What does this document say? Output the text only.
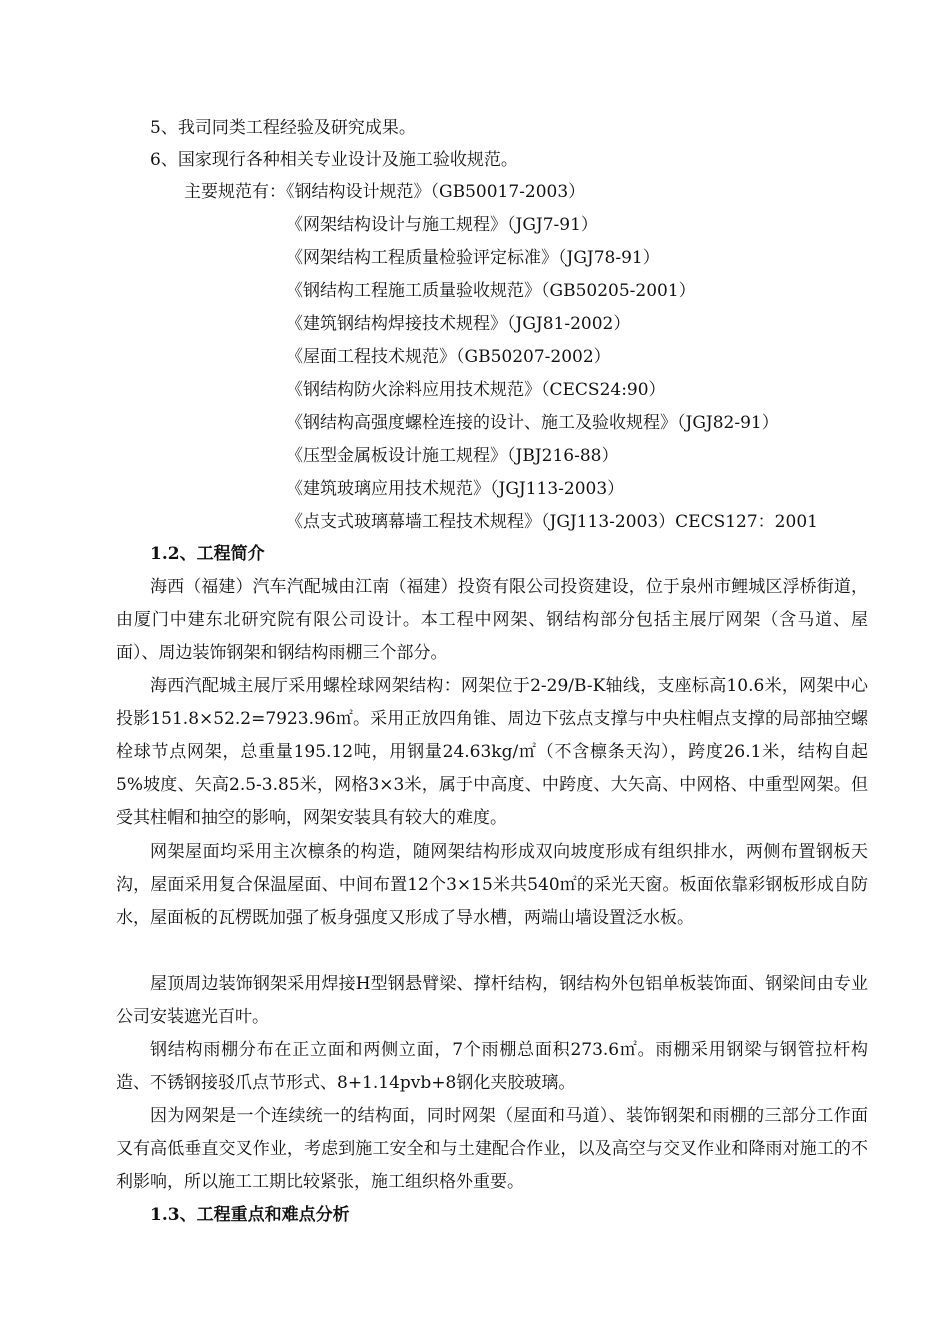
5、我司同类工程经验及研究成果。
6、国家现行各种相关专业设计及施工验收规范。
主要规范有：《钢结构设计规范》（GB50017-2003）
《网架结构设计与施工规程》（JGJ7-91）
《网架结构工程质量检验评定标准》（JGJ78-91）
《钢结构工程施工质量验收规范》（GB50205-2001）
《建筑钢结构焊接技术规程》（JGJ81-2002）
《屋面工程技术规范》（GB50207-2002）
《钢结构防火涂料应用技术规范》（CECS24:90）
《钢结构高强度螺栓连接的设计、施工及验收规程》（JGJ82-91）
《压型金属板设计施工规程》（JBJ216-88）
《建筑玻璃应用技术规范》（JGJ113-2003）
《点支式玻璃幕墙工程技术规程》（JGJ113-2003）CECS127：2001
1.2、工程简介

海西（福建）汽车汽配城由江南（福建）投资有限公司投资建设，位于泉州市鲤城区浮桥街道，由厦门中建东北研究院有限公司设计。本工程中网架、钢结构部分包括主展厅网架（含马道、屋面）、周边装饰钢架和钢结构雨棚三个部分。

海西汽配城主展厅采用螺栓球网架结构：网架位于2-29/B-K轴线，支座标高10.6米，网架中心投影151.8×52.2=7923.96㎡。采用正放四角锥、周边下弦点支撑与中央柱帽点支撑的局部抽空螺栓球节点网架，总重量195.12吨，用钢量24.63kg/㎡（不含檩条天沟），跨度26.1米，结构自起5%坡度、矢高2.5-3.85米，网格3×3米，属于中高度、中跨度、大矢高、中网格、中重型网架。但受其柱帽和抽空的影响，网架安装具有较大的难度。

网架屋面均采用主次檩条的构造，随网架结构形成双向坡度形成有组织排水，两侧布置钢板天沟，屋面采用复合保温屋面、中间布置12个3×15米共540㎡的采光天窗。板面依靠彩钢板形成自防水，屋面板的瓦楞既加强了板身强度又形成了导水槽，两端山墙设置泛水板。

屋顶周边装饰钢架采用焊接H型钢悬臂梁、撑杆结构，钢结构外包铝单板装饰面、钢梁间由专业公司安装遮光百叶。

钢结构雨棚分布在正立面和两侧立面，7个雨棚总面积273.6㎡。雨棚采用钢梁与钢管拉杆构造、不锈钢接驳爪点节形式、8+1.14pvb+8钢化夹胶玻璃。

因为网架是一个连续统一的结构面，同时网架（屋面和马道）、装饰钢架和雨棚的三部分工作面又有高低垂直交叉作业，考虑到施工安全和与土建配合作业，以及高空与交叉作业和降雨对施工的不利影响，所以施工工期比较紧张，施工组织格外重要。

1.3、工程重点和难点分析
